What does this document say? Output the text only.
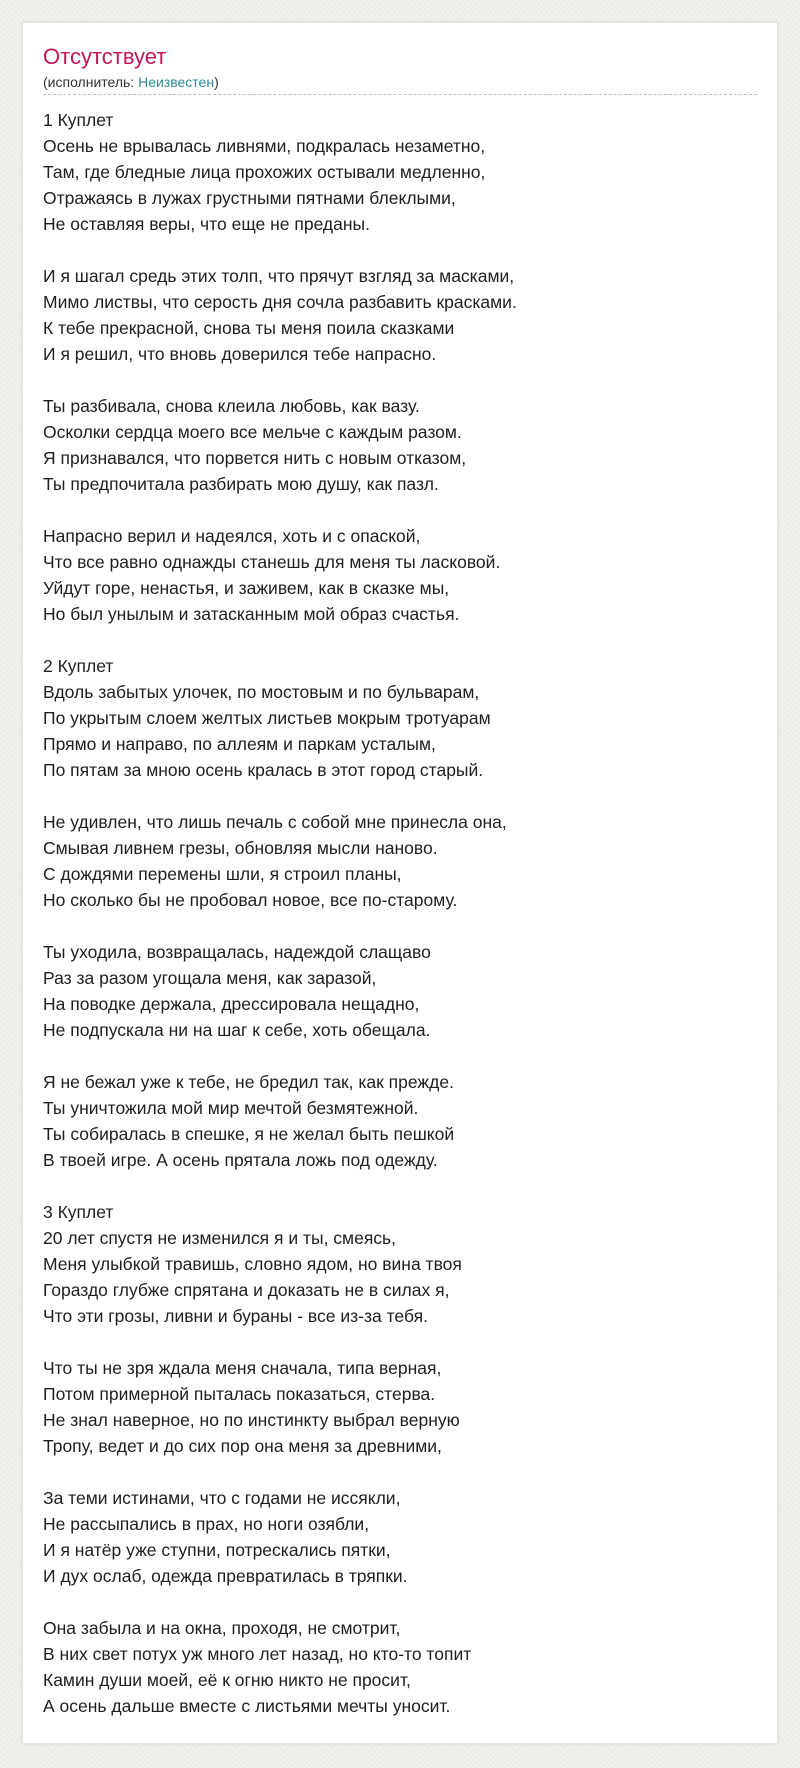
Отсутствует
(исполнитель: Неизвестен)
1 Куплет
Осень не врывалась ливнями, подкралась незаметно,
Там, где бледные лица прохожих остывали медленно,
Отражаясь в лужах грустными пятнами блеклыми,
Не оставляя веры, что еще не преданы.
И я шагал средь этих толп, что прячут взгляд за масками,
Мимо листвы, что серость дня сочла разбавить красками.
К тебе прекрасной, снова ты меня поила сказками
И я решил, что вновь доверился тебе напрасно.
Ты разбивала, снова клеила любовь, как вазу.
Осколки сердца моего все мельче с каждым разом.
Я признавался, что порвется нить с новым отказом,
Ты предпочитала разбирать мою душу, как пазл.
Напрасно верил и надеялся, хоть и с опаской,
Что все равно однажды станешь для меня ты ласковой.
Уйдут горе, ненастья, и заживем, как в сказке мы,
Но был унылым и затасканным мой образ счастья.
2 Куплет
Вдоль забытых улочек, по мостовым и по бульварам,
По укрытым слоем желтых листьев мокрым тротуарам
Прямо и направо, по аллеям и паркам усталым,
По пятам за мною осень кралась в этот город старый.
Не удивлен, что лишь печаль с собой мне принесла она,
Смывая ливнем грезы, обновляя мысли наново.
С дождями перемены шли, я строил планы,
Но сколько бы не пробовал новое, все по-старому.
Ты уходила, возвращалась, надеждой слащаво
Раз за разом угощала меня, как заразой,
На поводке держала, дрессировала нещадно,
Не подпускала ни на шаг к себе, хоть обещала.
Я не бежал уже к тебе, не бредил так, как прежде.
Ты уничтожила мой мир мечтой безмятежной.
Ты собиралась в спешке, я не желал быть пешкой
В твоей игре. А осень прятала ложь под одежду.
3 Куплет
20 лет спустя не изменился я и ты, смеясь,
Меня улыбкой травишь, словно ядом, но вина твоя
Гораздо глубже спрятана и доказать не в силах я,
Что эти грозы, ливни и бураны - все из-за тебя.
Что ты не зря ждала меня сначала, типа верная,
Потом примерной пыталась показаться, стерва.
Не знал наверное, но по инстинкту выбрал верную
Тропу, ведет и до сих пор она меня за древними,
За теми истинами, что с годами не иссякли,
Не рассыпались в прах, но ноги озябли,
И я натёр уже ступни, потрескались пятки,
И дух ослаб, одежда превратилась в тряпки.
Она забыла и на окна, проходя, не смотрит,
В них свет потух уж много лет назад, но кто-то топит
Камин души моей, её к огню никто не просит,
А осень дальше вместе с листьями мечты уносит.
